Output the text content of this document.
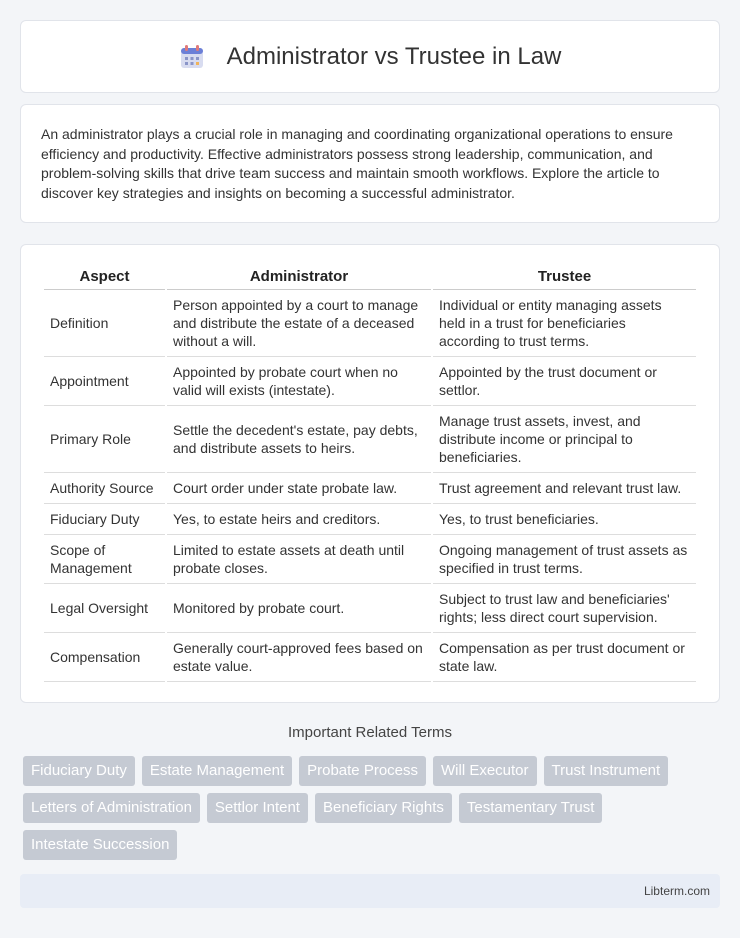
Administrator vs Trustee in Law

An administrator plays a crucial role in managing and coordinating organizational operations to ensure efficiency and productivity. Effective administrators possess strong leadership, communication, and problem-solving skills that drive team success and maintain smooth workflows. Explore the article to discover key strategies and insights on becoming a successful administrator.

Aspect	Administrator	Trustee
Definition	Person appointed by a court to manage and distribute the estate of a deceased without a will.	Individual or entity managing assets held in a trust for beneficiaries according to trust terms.
Appointment	Appointed by probate court when no valid will exists (intestate).	Appointed by the trust document or settlor.
Primary Role	Settle the decedent's estate, pay debts, and distribute assets to heirs.	Manage trust assets, invest, and distribute income or principal to beneficiaries.
Authority Source	Court order under state probate law.	Trust agreement and relevant trust law.
Fiduciary Duty	Yes, to estate heirs and creditors.	Yes, to trust beneficiaries.
Scope of Management	Limited to estate assets at death until probate closes.	Ongoing management of trust assets as specified in trust terms.
Legal Oversight	Monitored by probate court.	Subject to trust law and beneficiaries' rights; less direct court supervision.
Compensation	Generally court-approved fees based on estate value.	Compensation as per trust document or state law.
Important Related Terms
Fiduciary Duty	Estate Management	Probate Process	Will Executor	Trust Instrument
Letters of Administration	Settlor Intent	Beneficiary Rights	Testamentary Trust
Intestate Succession
Libterm.com
